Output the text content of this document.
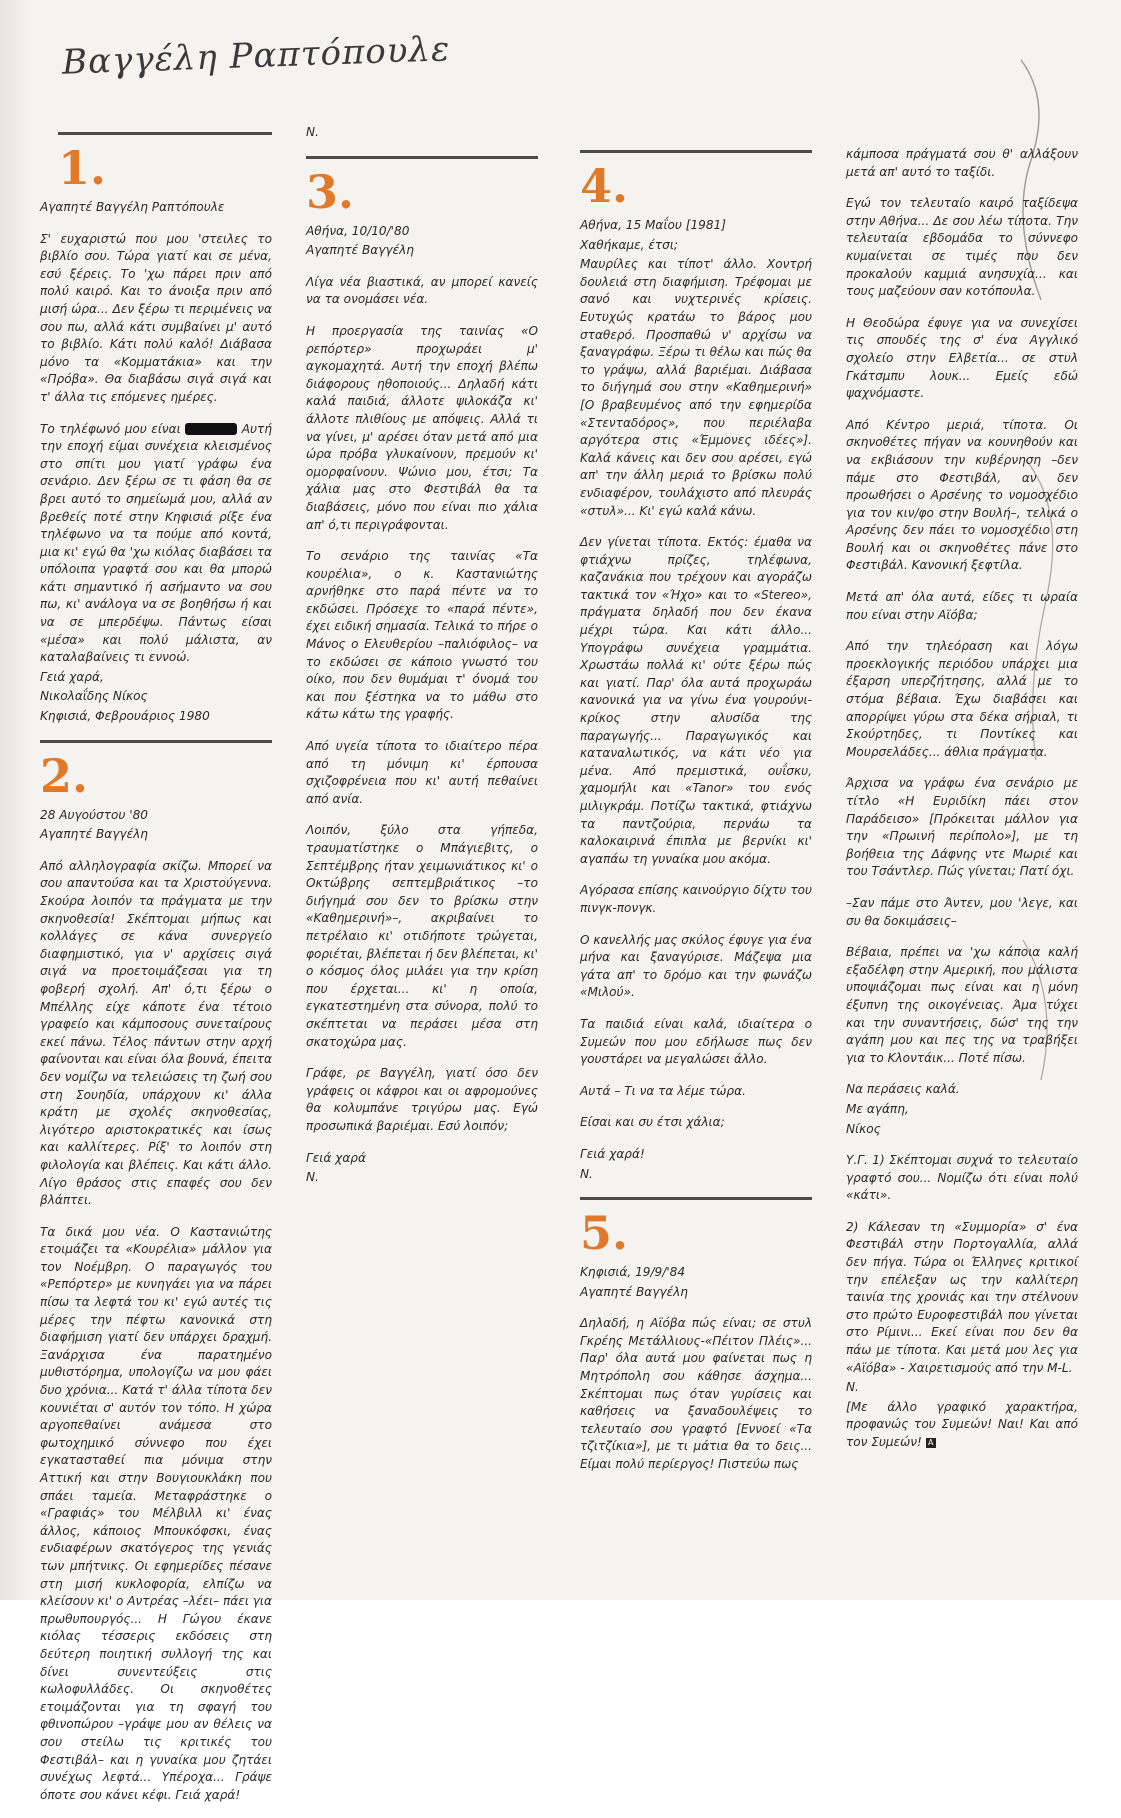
Βαγγέλη Ραπτόπουλε
1.

Αγαπητέ Βαγγέλη Ραπτόπουλε

Σ' ευχαριστώ που μου 'στειλες το βιβλίο σου. Τώρα γιατί και σε μένα, εσύ ξέρεις. Το 'χω πάρει πριν από πολύ καιρό. Και το άνοιξα πριν από μισή ώρα... Δεν ξέρω τι περιμένεις να σου πω, αλλά κάτι συμβαίνει μ' αυτό το βιβλίο. Κάτι πολύ καλό! Διάβασα μόνο τα «Κομματάκια» και την «Πρόβα». Θα διαβάσω σιγά σιγά και τ' άλλα τις επόμενες ημέρες.

Το τηλέφωνό μου είναι	Αυτή την εποχή είμαι συνέχεια κλεισμένος στο σπίτι μου γιατί γράφω ένα σενάριο. Δεν ξέρω σε τι φάση θα σε βρει αυτό το σημείωμά μου, αλλά αν βρεθείς ποτέ στην Κηφισιά ρίξε ένα τηλέφωνο να τα πούμε από κοντά, μια κι' εγώ θα 'χω κιόλας διαβάσει τα υπόλοιπα γραφτά σου και θα μπορώ κάτι σημαντικό ή ασήμαντο να σου πω, κι' ανάλογα να σε βοηθήσω ή και να σε μπερδέψω. Πάντως είσαι «μέσα» και πολύ μάλιστα, αν καταλαβαίνεις τι εννοώ.

Γειά χαρά,

Νικολαΐδης Νίκος

Κηφισιά, Φεβρουάριος 1980

2.

28 Αυγούστου '80

Αγαπητέ Βαγγέλη

Από αλληλογραφία σκίζω. Μπορεί να σου απαντούσα και τα Χριστούγεννα. Σκούρα λοιπόν τα πράγματα με την σκηνοθεσία! Σκέπτομαι μήπως και κολλάγες σε κάνα συνεργείο διαφημιστικό, για ν' αρχίσεις σιγά σιγά να προετοιμάζεσαι για τη φοβερή σχολή. Απ' ό,τι ξέρω ο Μπέλλης είχε κάποτε ένα τέτοιο γραφείο και κάμποσους συνεταίρους εκεί πάνω. Τέλος πάντων στην αρχή φαίνονται και είναι όλα βουνά, έπειτα δεν νομίζω να τελειώσεις τη ζωή σου στη Σουηδία, υπάρχουν κι' άλλα κράτη με σχολές σκηνοθεσίας, λιγότερο αριστοκρατικές και ίσως και καλλίτερες. Ρίξ' το λοιπόν στη φιλολογία και βλέπεις. Και κάτι άλλο. Λίγο θράσος στις επαφές σου δεν βλάπτει.

Τα δικά μου νέα. Ο Καστανιώτης ετοιμάζει τα «Κουρέλια» μάλλον για τον Νοέμβρη. Ο παραγωγός του «Ρεπόρτερ» με κυνηγάει για να πάρει πίσω τα λεφτά του κι' εγώ αυτές τις μέρες την πέφτω κανονικά στη διαφήμιση γιατί δεν υπάρχει δραχμή. Ξανάρχισα ένα παρατημένο μυθιστόρημα, υπολογίζω να μου φάει δυο χρόνια... Κατά τ' άλλα τίποτα δεν κουνιέται σ' αυτόν τον τόπο. Η χώρα αργοπεθαίνει ανάμεσα στο φωτοχημικό σύννεφο που έχει εγκατασταθεί πια μόνιμα στην Αττική και στην Βουγιουκλάκη που σπάει ταμεία. Μεταφράστηκε ο «Γραφιάς» του Μέλβιλλ κι' ένας άλλος, κάποιος Μπουκόφσκι, ένας ενδιαφέρων σκατόγερος της γενιάς των μπήτνικς. Οι εφημερίδες πέσανε στη μισή κυκλοφορία, ελπίζω να κλείσουν κι' ο Αντρέας –λέει– πάει για πρωθυπουργός... Η Γώγου έκανε κιόλας τέσσερις εκδόσεις στη δεύτερη ποιητική συλλογή της και δίνει συνεντεύξεις στις κωλοφυλλάδες. Οι σκηνοθέτες ετοιμάζονται για τη σφαγή του φθινοπώρου –γράψε μου αν θέλεις να σου στείλω τις κριτικές του Φεστιβάλ– και η γυναίκα μου ζητάει συνέχως λεφτά... Υπέροχα... Γράψε όποτε σου κάνει κέφι. Γειά χαρά!

Ν.

3.

Αθήνα, 10/10/'80

Αγαπητέ Βαγγέλη

Λίγα νέα βιαστικά, αν μπορεί κανείς να τα ονομάσει νέα.

Η προεργασία της ταινίας «Ο ρεπόρτερ» προχωράει μ' αγκομαχητά. Αυτή την εποχή βλέπω διάφορους ηθοποιούς... Δηλαδή κάτι καλά παιδιά, άλλοτε ψιλοκάζα κι' άλλοτε πλιθίους με απόψεις. Αλλά τι να γίνει, μ' αρέσει όταν μετά από μια ώρα πρόβα γλυκαίνουν, πρεμούν κι' ομορφαίνουν. Ψώνιο μου, έτσι; Τα χάλια μας στο Φεστιβάλ θα τα διαβάσεις, μόνο που είναι πιο χάλια απ' ό,τι περιγράφονται.

Το σενάριο της ταινίας «Τα κουρέλια», ο κ. Καστανιώτης αρνήθηκε στο παρά πέντε να το εκδώσει. Πρόσεχε το «παρά πέντε», έχει ειδική σημασία. Τελικά το πήρε ο Μάνος ο Ελευθερίου –παλιόφιλος– να το εκδώσει σε κάποιο γνωστό του οίκο, που δεν θυμάμαι τ' όνομά του και που ξέστηκα να το μάθω στο κάτω κάτω της γραφής.

Από υγεία τίποτα το ιδιαίτερο πέρα από τη μόνιμη κι' έρπουσα σχιζοφρένεια που κι' αυτή πεθαίνει από ανία.

Λοιπόν, ξύλο στα γήπεδα, τραυματίστηκε ο Μπάγιεβιτς, ο Σεπτέμβρης ήταν χειμωνιάτικος κι' ο Οκτώβρης σεπτεμβριάτικος –το διήγημά σου δεν το βρίσκω στην «Καθημερινή»–, ακριβαίνει το πετρέλαιο κι' οτιδήποτε τρώγεται, φοριέται, βλέπεται ή δεν βλέπεται, κι' ο κόσμος όλος μιλάει για την κρίση που έρχεται... κι' η οποία, εγκατεστημένη στα σύνορα, πολύ το σκέπτεται να περάσει μέσα στη σκατοχώρα μας.

Γράφε, ρε Βαγγέλη, γιατί όσο δεν γράφεις οι κάφροι και οι αφρομούνες θα κολυμπάνε τριγύρω μας. Εγώ προσωπικά βαριέμαι. Εσύ λοιπόν;

Γειά χαρά

Ν.

4.

Αθήνα, 15 Μαΐου [1981]

Χαθήκαμε, έτσι;

Μαυρίλες και τίποτ' άλλο. Χοντρή δουλειά στη διαφήμιση. Τρέφομαι με σανό και νυχτερινές κρίσεις. Ευτυχώς κρατάω το βάρος μου σταθερό. Προσπαθώ ν' αρχίσω να ξαναγράφω. Ξέρω τι θέλω και πώς θα το γράψω, αλλά βαριέμαι. Διάβασα το διήγημά σου στην «Καθημερινή» [Ο βραβευμένος από την εφημερίδα «Στενταδόρος», που περιέλαβα αργότερα στις «Έμμονες ιδέες»]. Καλά κάνεις και δεν σου αρέσει, εγώ απ' την άλλη μεριά το βρίσκω πολύ ενδιαφέρον, τουλάχιστο από πλευράς «στυλ»... Κι' εγώ καλά κάνω.

Δεν γίνεται τίποτα. Εκτός: έμαθα να φτιάχνω πρίζες, τηλέφωνα, καζανάκια που τρέχουν και αγοράζω τακτικά τον «Ήχο» και το «Stereo», πράγματα δηλαδή που δεν έκανα μέχρι τώρα. Και κάτι άλλο... Υπογράφω συνέχεια γραμμάτια. Χρωστάω πολλά κι' ούτε ξέρω πώς και γιατί. Παρ' όλα αυτά προχωράω κανονικά για να γίνω ένα γουρούνι-κρίκος στην αλυσίδα της παραγωγής... Παραγωγικός και καταναλωτικός, να κάτι νέο για μένα. Από πρεμιστικά, ουΐσκυ, χαμομήλι και «Tanor» του ενός μιλιγκράμ. Ποτίζω τακτικά, φτιάχνω τα παντζούρια, περνάω τα καλοκαιρινά έπιπλα με βερνίκι κι' αγαπάω τη γυναίκα μου ακόμα.

Αγόρασα επίσης καινούργιο δίχτυ του πινγκ-πονγκ.

Ο κανελλής μας σκύλος έφυγε για ένα μήνα και ξαναγύρισε. Μάζεψα μια γάτα απ' το δρόμο και την φωνάζω «Μιλού».

Τα παιδιά είναι καλά, ιδιαίτερα ο Συμεών που μου εδήλωσε πως δεν γουστάρει να μεγαλώσει άλλο.

Αυτά – Τι να τα λέμε τώρα.

Είσαι και συ έτσι χάλια;

Γειά χαρά!

Ν.

5.

Κηφισιά, 19/9/'84

Αγαπητέ Βαγγέλη

Δηλαδή, η Αϊόβα πώς είναι; σε στυλ Γκρέης Μετάλλιους-«Πέιτον Πλέις»... Παρ' όλα αυτά μου φαίνεται πως η Μητρόπολη σου κάθησε άσχημα... Σκέπτομαι πως όταν γυρίσεις και καθήσεις να ξαναδουλέψεις το τελευταίο σου γραφτό [Εννοεί «Τα τζιτζίκια»], με τι μάτια θα το δεις... Είμαι πολύ περίεργος! Πιστεύω πως

κάμποσα πράγματά σου θ' αλλάξουν μετά απ' αυτό το ταξίδι.

Εγώ τον τελευταίο καιρό ταξίδεψα στην Αθήνα... Δε σου λέω τίποτα. Την τελευταία εβδομάδα το σύννεφο κυμαίνεται σε τιμές που δεν προκαλούν καμμιά ανησυχία... και τους μαζεύουν σαν κοτόπουλα.

Η Θεοδώρα έφυγε για να συνεχίσει τις σπουδές της σ' ένα Αγγλικό σχολείο στην Ελβετία... σε στυλ Γκάτσμπυ λουκ... Εμείς εδώ ψαχνόμαστε.

Από Κέντρο μεριά, τίποτα. Οι σκηνοθέτες πήγαν να κουνηθούν και να εκβιάσουν την κυβέρνηση –δεν πάμε στο Φεστιβάλ, αν δεν προωθήσει ο Αρσένης το νομοσχέδιο για τον κιν/φο στην Βουλή–, τελικά ο Αρσένης δεν πάει το νομοσχέδιο στη Βουλή και οι σκηνοθέτες πάνε στο Φεστιβάλ. Κανονική ξεφτίλα.

Μετά απ' όλα αυτά, είδες τι ωραία που είναι στην Αϊόβα;

Από την τηλεόραση και λόγω προεκλογικής περιόδου υπάρχει μια έξαρση υπερζήτησης, αλλά με το στόμα βέβαια. Έχω διαβάσει και απορρίψει γύρω στα δέκα σήριαλ, τι Σκούρτηδες, τι Ποντίκες και Μουρσελάδες... άθλια πράγματα.

Άρχισα να γράφω ένα σενάριο με τίτλο «Η Ευριδίκη πάει στον Παράδεισο» [Πρόκειται μάλλον για την «Πρωινή περίπολο»], με τη βοήθεια της Δάφνης ντε Μωριέ και του Τσάντλερ. Πώς γίνεται; Πατί όχι.

–Σαν πάμε στο Άντεν, μου 'λεγε, και συ θα δοκιμάσεις–

Βέβαια, πρέπει να 'χω κάποια καλή εξαδέλφη στην Αμερική, που μάλιστα υποψιάζομαι πως είναι και η μόνη έξυπνη της οικογένειας. Άμα τύχει και την συναντήσεις, δώσ' της την αγάπη μου και πες της να τραβήξει για το Κλοντάικ... Ποτέ πίσω.

Να περάσεις καλά.

Με αγάπη,

Νίκος

Υ.Γ. 1) Σκέπτομαι συχνά το τελευταίο γραφτό σου... Νομίζω ότι είναι πολύ «κάτι».

2) Κάλεσαν τη «Συμμορία» σ' ένα Φεστιβάλ στην Πορτογαλλία, αλλά δεν πήγα. Τώρα οι Έλληνες κριτικοί την επέλεξαν ως την καλλίτερη ταινία της χρονιάς και την στέλνουν στο πρώτο Ευροφεστιβάλ που γίνεται στο Ρίμινι... Εκεί είναι που δεν θα πάω με τίποτα. Και μετά μου λες για «Αϊόβα» - Χαιρετισμούς από την Μ-L.

Ν.

[Με άλλο γραφικό χαρακτήρα, προφανώς του Συμεών! Ναι! Και από τον Συμεών! A
